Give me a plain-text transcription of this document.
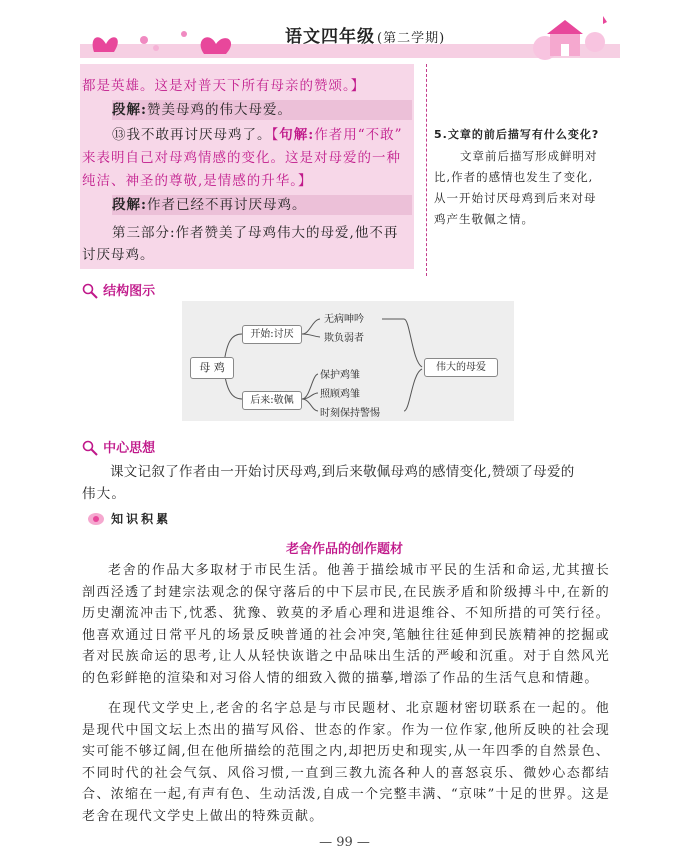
语文四年级 (第二学期)
都是英雄。这是对普天下所有母亲的赞颂。】
段解:赞美母鸡的伟大母爱。
⑬我不敢再讨厌母鸡了。【句解:作者用“不敢”
来表明自己对母鸡情感的变化。这是对母爱的一种
纯洁、神圣的尊敬,是情感的升华。】
段解:作者已经不再讨厌母鸡。
第三部分:作者赞美了母鸡伟大的母爱,他不再
讨厌母鸡。
5.文章的前后描写有什么变化?
文章前后描写形成鲜明对
比,作者的感情也发生了变化,
从一开始讨厌母鸡到后来对母
鸡产生敬佩之情。
结构图示
母 鸡
开始:讨厌
后来:敬佩
无病呻吟
欺负弱者
保护鸡雏
照顾鸡雏
时刻保持警惕
伟大的母爱
中心思想
课文记叙了作者由一开始讨厌母鸡,到后来敬佩母鸡的感情变化,赞颂了母爱的
伟大。
知识积累
老舍作品的创作题材
老舍的作品大多取材于市民生活。他善于描绘城市平民的生活和命运,尤其擅长剖西泾透了封建宗法观念的保守落后的中下层市民,在民族矛盾和阶级搏斗中,在新的历史潮流冲击下,忱悉、犹豫、敦莫的矛盾心理和进退维谷、不知所措的可笑行径。他喜欢通过日常平凡的场景反映普通的社会冲突,笔触往往延伸到民族精神的挖掘或者对民族命运的思考,让人从轻快诙谐之中品味出生活的严峻和沉重。对于自然风光的色彩鲜艳的渲染和对习俗人情的细致入微的描摹,增添了作品的生活气息和情趣。
在现代文学史上,老舍的名字总是与市民题材、北京题材密切联系在一起的。他是现代中国文坛上杰出的描写风俗、世态的作家。作为一位作家,他所反映的社会现实可能不够辽阔,但在他所描绘的范围之内,却把历史和现实,从一年四季的自然景色、不同时代的社会气氛、风俗习惯,一直到三教九流各种人的喜怒哀乐、微妙心态都结合、浓缩在一起,有声有色、生动活泼,自成一个完整丰满、“京味”十足的世界。这是老舍在现代文学史上做出的特殊贡献。
— 99 —
